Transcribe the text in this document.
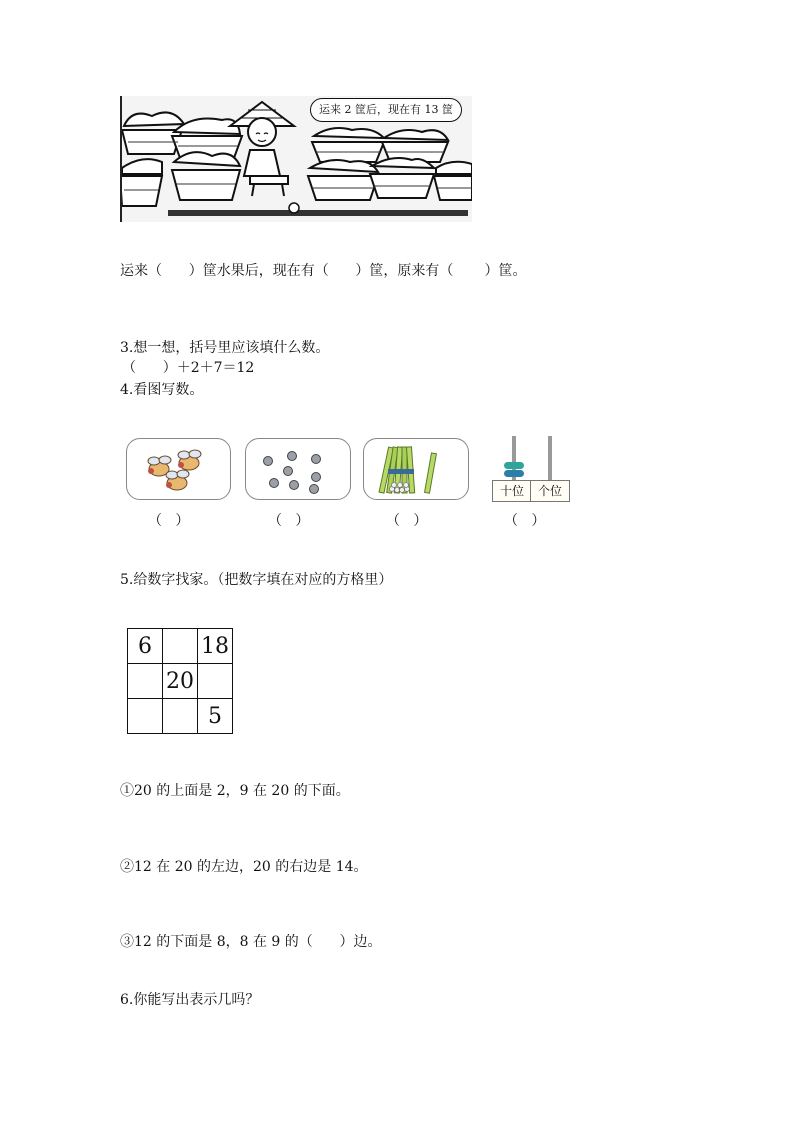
运来 2 筐后，现在有 13 筐
运来（      ）筐水果后，现在有（      ）筐，原来有（       ）筐。
3.想一想，括号里应该填什么数。
（      ）＋2＋7＝12
4.看图写数。
十位	个位
（   ）	（   ）	（   ）	（   ）
5.给数字找家。（把数字填在对应的方格里）
6		18
	20	
		5
①20 的上面是 2，9 在 20 的下面。
②12 在 20 的左边，20 的右边是 14。
③12 的下面是 8，8 在 9 的（      ）边。
6.你能写出表示几吗？
